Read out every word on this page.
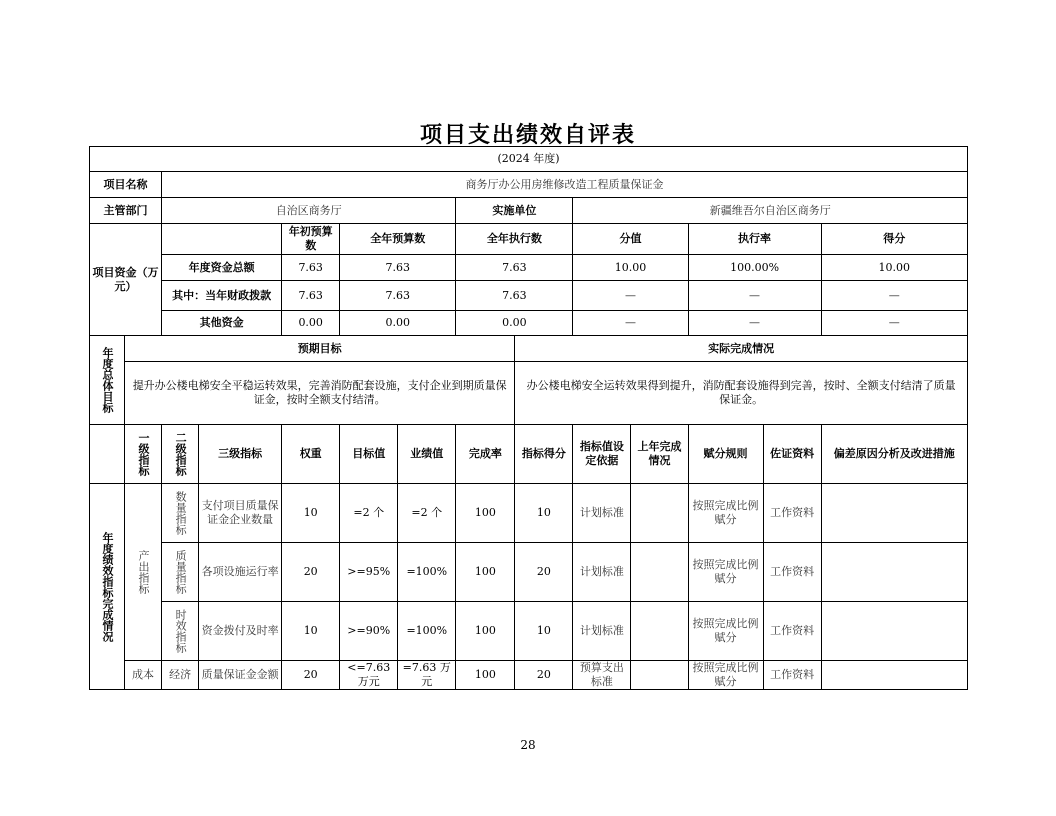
项目支出绩效自评表
(2024 年度)													
项目名称		商务厅办公用房维修改造工程质量保证金											
主管部门		自治区商务厅					实施单位		新疆维吾尔自治区商务厅				
项目资金（万元）				年初预算数	全年预算数		全年执行数		分值		执行率		得分
		年度资金总额		7.63	7.63		7.63		10.00		100.00%		10.00
		其中：当年财政拨款		7.63	7.63		7.63		—		—		—
		其他资金		0.00	0.00		0.00		—		—		—
年度总体目标	预期目标							实际完成情况					
	提升办公楼电梯安全平稳运转效果，完善消防配套设施，支付企业到期质量保证金，按时全额支付结清。							办公楼电梯安全运转效果得到提升，消防配套设施得到完善，按时、全额支付结清了质量保证金。					
	一级指标	二级指标	三级指标	权重	目标值	业绩值	完成率	指标得分	指标值设定依据	上年完成情况	赋分规则	佐证资料	偏差原因分析及改进措施
年度绩效指标完成情况	产出指标	数量指标	支付项目质量保证金企业数量	10	=2 个	=2 个	100	10	计划标准		按照完成比例赋分	工作资料	
		质量指标	各项设施运行率	20	>=95%	=100%	100	20	计划标准		按照完成比例赋分	工作资料	
		时效指标	资金拨付及时率	10	>=90%	=100%	100	10	计划标准		按照完成比例赋分	工作资料	
	成本	经济	质量保证金金额	20	<=7.63 万元	=7.63 万元	100	20	预算支出标准		按照完成比例赋分	工作资料	
28
